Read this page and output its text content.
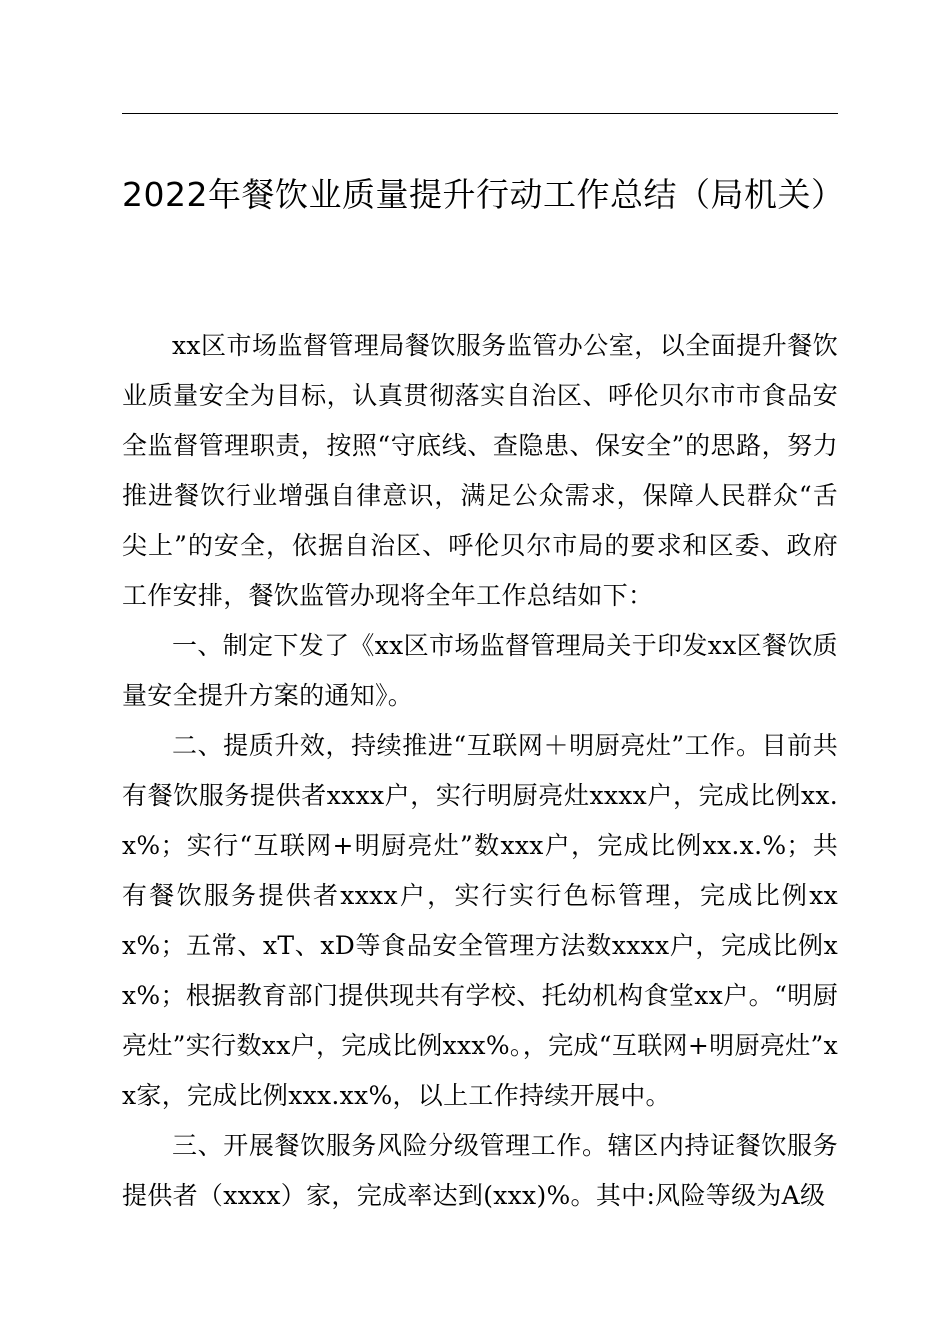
2022年餐饮业质量提升行动工作总结（局机关）

xx区市场监督管理局餐饮服务监管办公室，以全面提升餐饮业质量安全为目标，认真贯彻落实自治区、呼伦贝尔市市食品安全监督管理职责，按照“守底线、查隐患、保安全”的思路，努力推进餐饮行业增强自律意识，满足公众需求，保障人民群众“舌尖上”的安全，依据自治区、呼伦贝尔市局的要求和区委、政府工作安排，餐饮监管办现将全年工作总结如下：

一、制定下发了《xx区市场监督管理局关于印发xx区餐饮质量安全提升方案的通知》。

二、提质升效，持续推进“互联网＋明厨亮灶”工作。目前共有餐饮服务提供者xxxx户，实行明厨亮灶xxxx户，完成比例xx.x%；实行“互联网+明厨亮灶”数xxx户，完成比例xx.x.%；共有餐饮服务提供者xxxx户，实行实行色标管理，完成比例xxx%；五常、xT、xD等食品安全管理方法数xxxx户，完成比例xx%；根据教育部门提供现共有学校、托幼机构食堂xx户。“明厨亮灶”实行数xx户，完成比例xxx%。，完成“互联网+明厨亮灶”xx家，完成比例xxx.xx%，以上工作持续开展中。

三、开展餐饮服务风险分级管理工作。辖区内持证餐饮服务提供者（xxxx）家，完成率达到(xxx)%。其中:风险等级为A级
